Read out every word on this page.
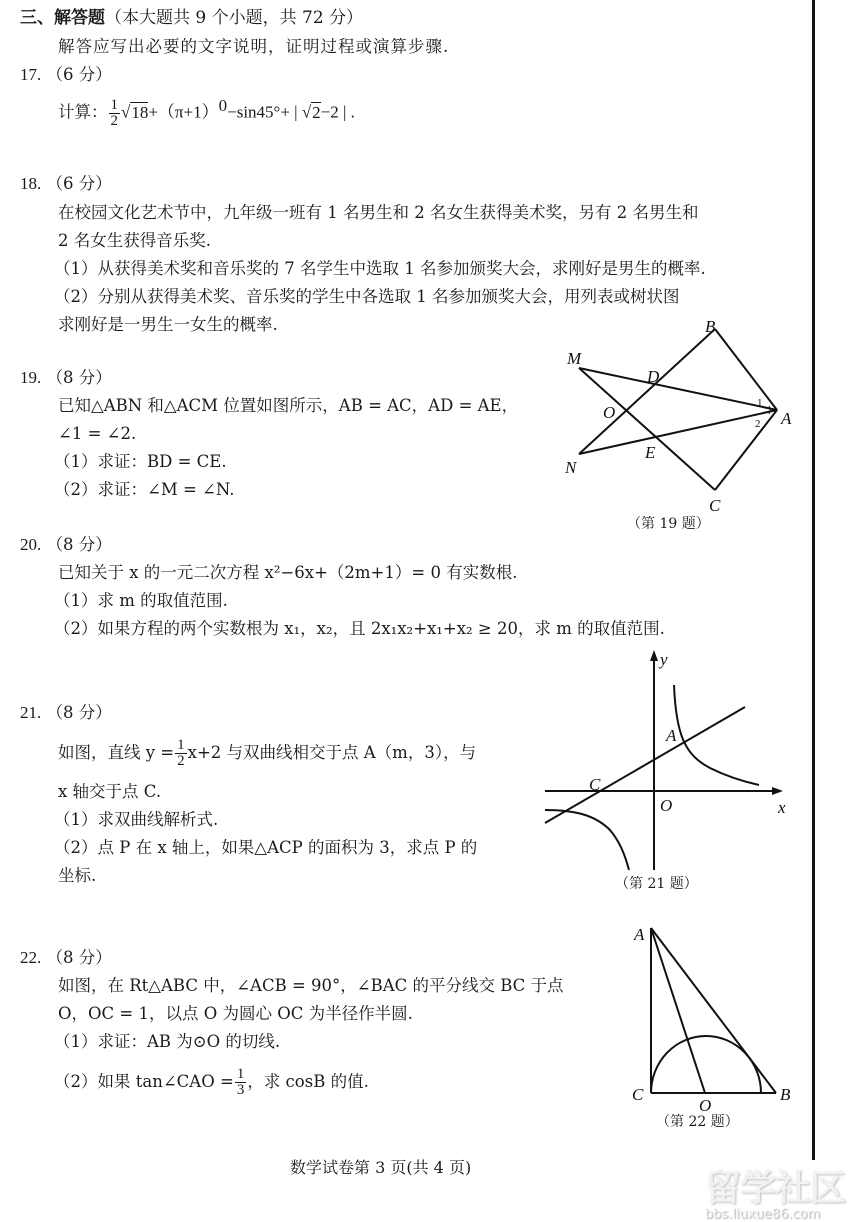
三、解答题（本大题共 9 个小题，共 72 分）
解答应写出必要的文字说明，证明过程或演算步骤.
17. （6 分）
计算： $\frac{1}{2} √18+(\pi+1)^0-\sin 45^\circ+$ | √2−2 | .
18. （6 分）
在校园文化艺术节中，九年级一班有 1 名男生和 2 名女生获得美术奖，另有 2 名男生和
2 名女生获得音乐奖.
（1）从获得美术奖和音乐奖的 7 名学生中选取 1 名参加颁奖大会，求刚好是男生的概率.
（2）分别从获得美术奖、音乐奖的学生中各选取 1 名参加颁奖大会，用列表或树状图
求刚好是一男生一女生的概率.
19. （8 分）
已知△ABN 和△ACM 位置如图所示，AB = AC，AD = AE，
∠1 = ∠2.
（1）求证：BD = CE.
（2）求证：∠M = ∠N.
B
M
D
O	A
N
E
C
1
2
（第 19 题）
20. （8 分）
已知关于 x 的一元二次方程 x²−6x+（2m+1）= 0 有实数根.
（1）求 m 的取值范围.
（2）如果方程的两个实数根为 x₁，x₂，且 2x₁x₂+x₁+x₂ ≥ 20，求 m 的取值范围.
21. （8 分）
如图，直线 $y = \frac{1}{2} x+2$ 与双曲线相交于点 A（m，3），与
x 轴交于点 C.
（1）求双曲线解析式.
（2）点 P 在 x 轴上，如果△ACP 的面积为 3，求点 P 的
坐标.
y
A
C
O	x
（第 21 题）
22. （8 分）
如图，在 Rt△ABC 中，∠ACB = 90°，∠BAC 的平分线交 BC 于点
O，OC = 1，以点 O 为圆心 OC 为半径作半圆.
（1）求证：AB 为⊙O 的切线.
（2）如果 tan∠CAO = $\frac{1}{3}$ ，求 cosB 的值.
A
C
O
B
（第 22 题）
数学试卷第 3 页(共 4 页)
留学社区
bbs.liuxue86.com
